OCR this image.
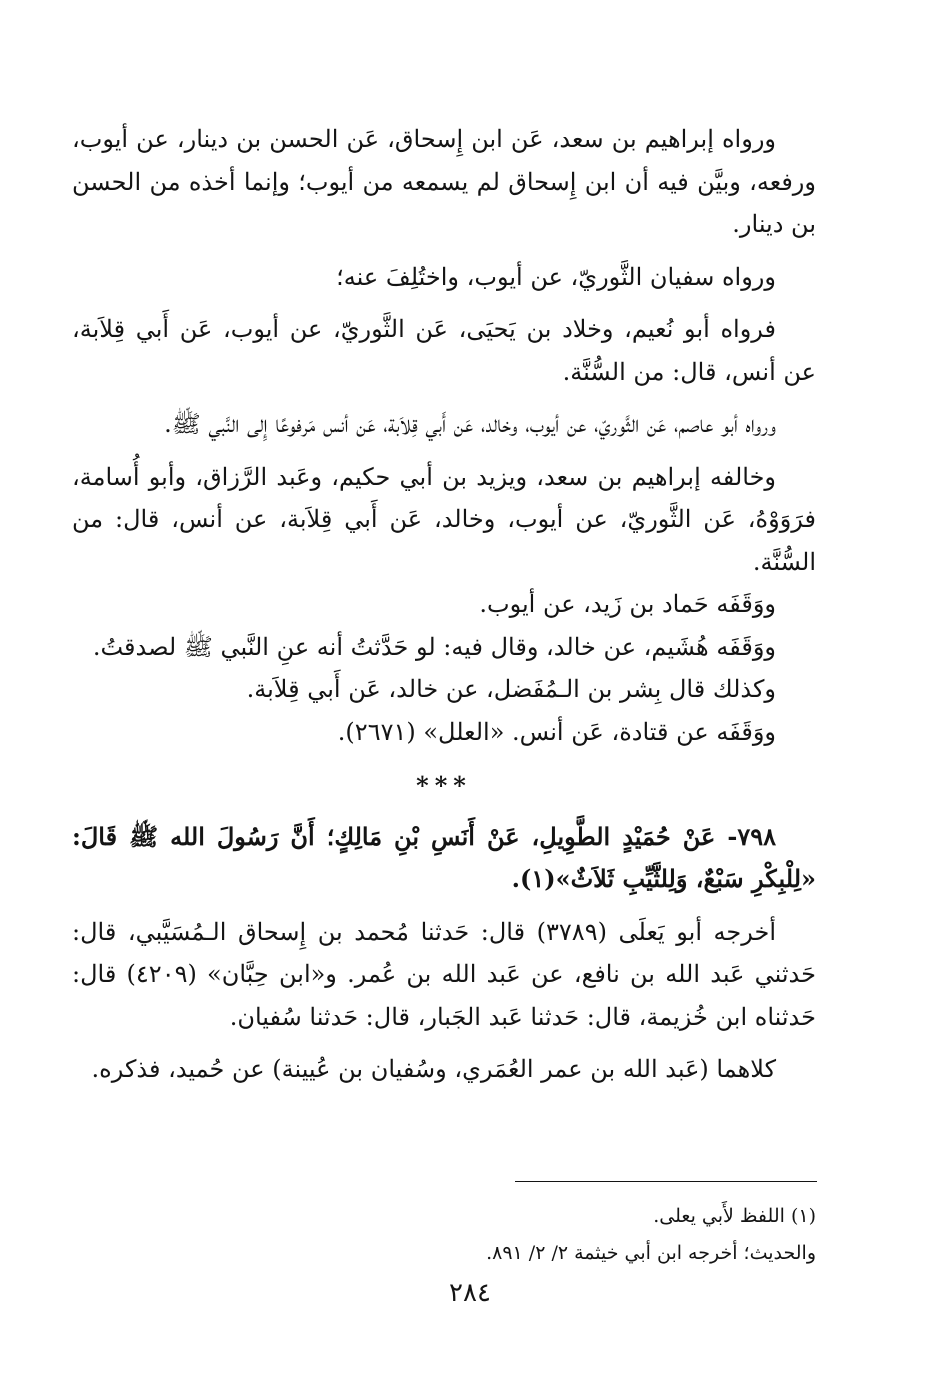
ورواه إبراهيم بن سعد، عَن ابن إِسحاق، عَن الحسن بن دينار، عن أيوب، ورفعه، وبيَّن فيه أن ابن إِسحاق لم يسمعه من أيوب؛ وإنما أخذه من الحسن بن دينار.

ورواه سفيان الثَّوريّ، عن أيوب، واختُلِفَ عنه؛

فرواه أبو نُعيم، وخلاد بن يَحيَى، عَن الثَّوريّ، عن أيوب، عَن أَبي قِلاَبة، عن أنس، قال: من السُّنَّة.

ورواه أبو عاصم، عَن الثَّوريّ، عن أيوب، وخالد، عَن أَبي قِلاَبة، عَن أنس مَرفوعًا إِلى النَّبي ﷺ.

وخالفه إبراهيم بن سعد، ويزيد بن أبي حكيم، وعَبد الرَّزاق، وأبو أُسامة، فرَوَوْهُ، عَن الثَّوريّ، عن أيوب، وخالد، عَن أَبي قِلاَبة، عن أنس، قال: من السُّنَّة.

ووَقَفَه حَماد بن زَيد، عن أيوب.

ووَقَفَه هُشَيم، عن خالد، وقال فيه: لو حَدَّثتُ أنه عنِ النَّبي ﷺ لصدقتُ.

وكذلك قال بِشر بن الـمُفَضل، عن خالد، عَن أَبي قِلاَبة.

ووَقَفَه عن قتادة، عَن أنس. «العلل» (٢٦٧١).

***

٧٩٨- عَنْ حُمَيْدٍ الطَّوِيلِ، عَنْ أَنَسِ بْنِ مَالِكٍ؛ أَنَّ رَسُولَ الله ﷺ قَالَ: «لِلْبِكْرِ سَبْعٌ، وَلِلثَّيِّبِ ثَلاَثٌ»(١).

أخرجه أبو يَعلَى (٣٧٨٩) قال: حَدثنا مُحمد بن إِسحاق الـمُسَيَّبي، قال: حَدثني عَبد الله بن نافع، عن عَبد الله بن عُمر. و«ابن حِبَّان» (٤٢٠٩) قال: حَدثناه ابن خُزيمة، قال: حَدثنا عَبد الجَبار، قال: حَدثنا سُفيان.

كلاهما (عَبد الله بن عمر العُمَري، وسُفيان بن عُيينة) عن حُميد، فذكره.

(١) اللفظ لأَبي يعلى.

والحديث؛ أخرجه ابن أبي خيثمة ٢/ ٢/ ٨٩١.

٢٨٤
